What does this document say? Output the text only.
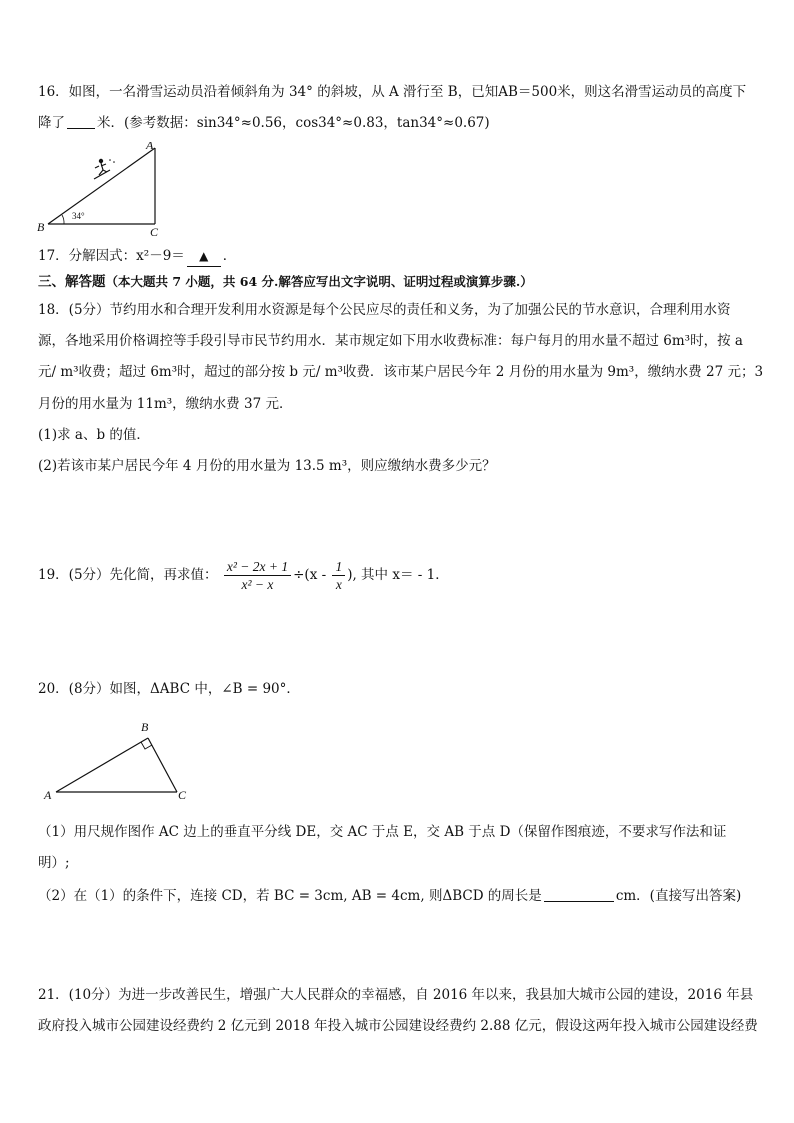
16．如图，一名滑雪运动员沿着倾斜角为 34° 的斜坡，从 A 滑行至 B，已知AB＝500米，则这名滑雪运动员的高度下
降了 米．(参考数据：sin34°≈0.56，cos34°≈0.83，tan34°≈0.67)
A
B	C
34°
17．分解因式：x²－9＝ ▲ ．
三、解答题（本大题共 7 小题，共 64 分.解答应写出文字说明、证明过程或演算步骤.）
18．(5分）节约用水和合理开发利用水资源是每个公民应尽的责任和义务，为了加强公民的节水意识，合理利用水资
源，各地采用价格调控等手段引导市民节约用水．某市规定如下用水收费标准：每户每月的用水量不超过 6m³时，按 a
元/ m³收费；超过 6m³时，超过的部分按 b 元/ m³收费．该市某户居民今年 2 月份的用水量为 9m³，缴纳水费 27 元；3
月份的用水量为 11m³，缴纳水费 37 元．
(1)求 a、b 的值．
(2)若该市某户居民今年 4 月份的用水量为 13.5 m³，则应缴纳水费多少元？
19．(5分）先化简，再求值： $\frac{\text{x² − 2x + 1}}{\text{x² − x}} \div(x - \frac{1}{x}$ ), 其中 x＝ - 1．
20．(8分）如图，ΔABC 中，∠B = 90°．
A
B
C
（1）用尺规作图作 AC 边上的垂直平分线 DE，交 AC 于点 E，交 AB 于点 D（保留作图痕迹，不要求写作法和证
明）;
（2）在（1）的条件下，连接 CD，若 BC = 3cm, AB = 4cm, 则ΔBCD 的周长是	cm．(直接写出答案)
21．(10分）为进一步改善民生，增强广大人民群众的幸福感，自 2016 年以来，我县加大城市公园的建设，2016 年县
政府投入城市公园建设经费约 2 亿元到 2018 年投入城市公园建设经费约 2.88 亿元，假设这两年投入城市公园建设经费
